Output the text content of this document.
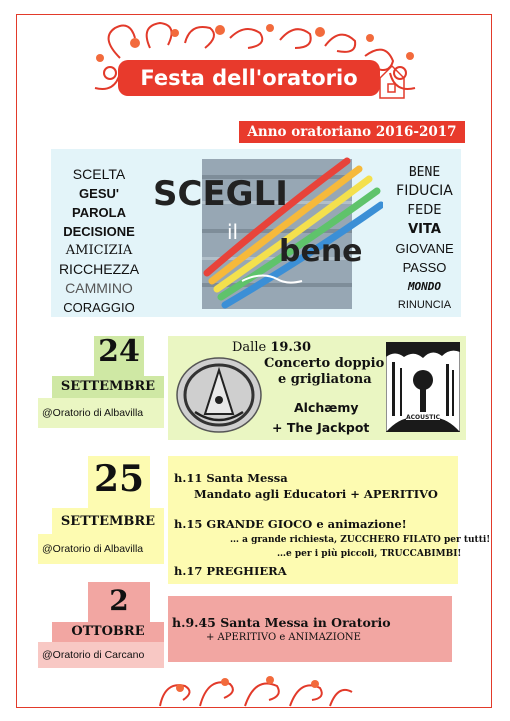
Festa dell'oratorio
Anno oratoriano 2016-2017
SCELTA
GESU'
PAROLA
DECISIONE
AMICIZIA
RICCHEZZA
CAMMINO
CORAGGIO
SCEGLI
il
bene
BENE
FIDUCIA
FEDE
VITA
GIOVANE
PASSO
MONDO
RINUNCIA
24
SETTEMBRE
@Oratorio di Albavilla
Dalle 19.30
Concerto doppio
e grigliatona
Alchæmy
+ The Jackpot
ACOUSTIC
25
SETTEMBRE
@Oratorio di Albavilla
h.11 Santa Messa
Mandato agli Educatori + APERITIVO
h.15 GRANDE GIOCO e animazione!
… a grande richiesta, ZUCCHERO FILATO per tutti!
…e per i più piccoli, TRUCCABIMBI!
h.17 PREGHIERA
2
OTTOBRE
@Oratorio di Carcano
h.9.45 Santa Messa in Oratorio
+ APERITIVO e ANIMAZIONE
